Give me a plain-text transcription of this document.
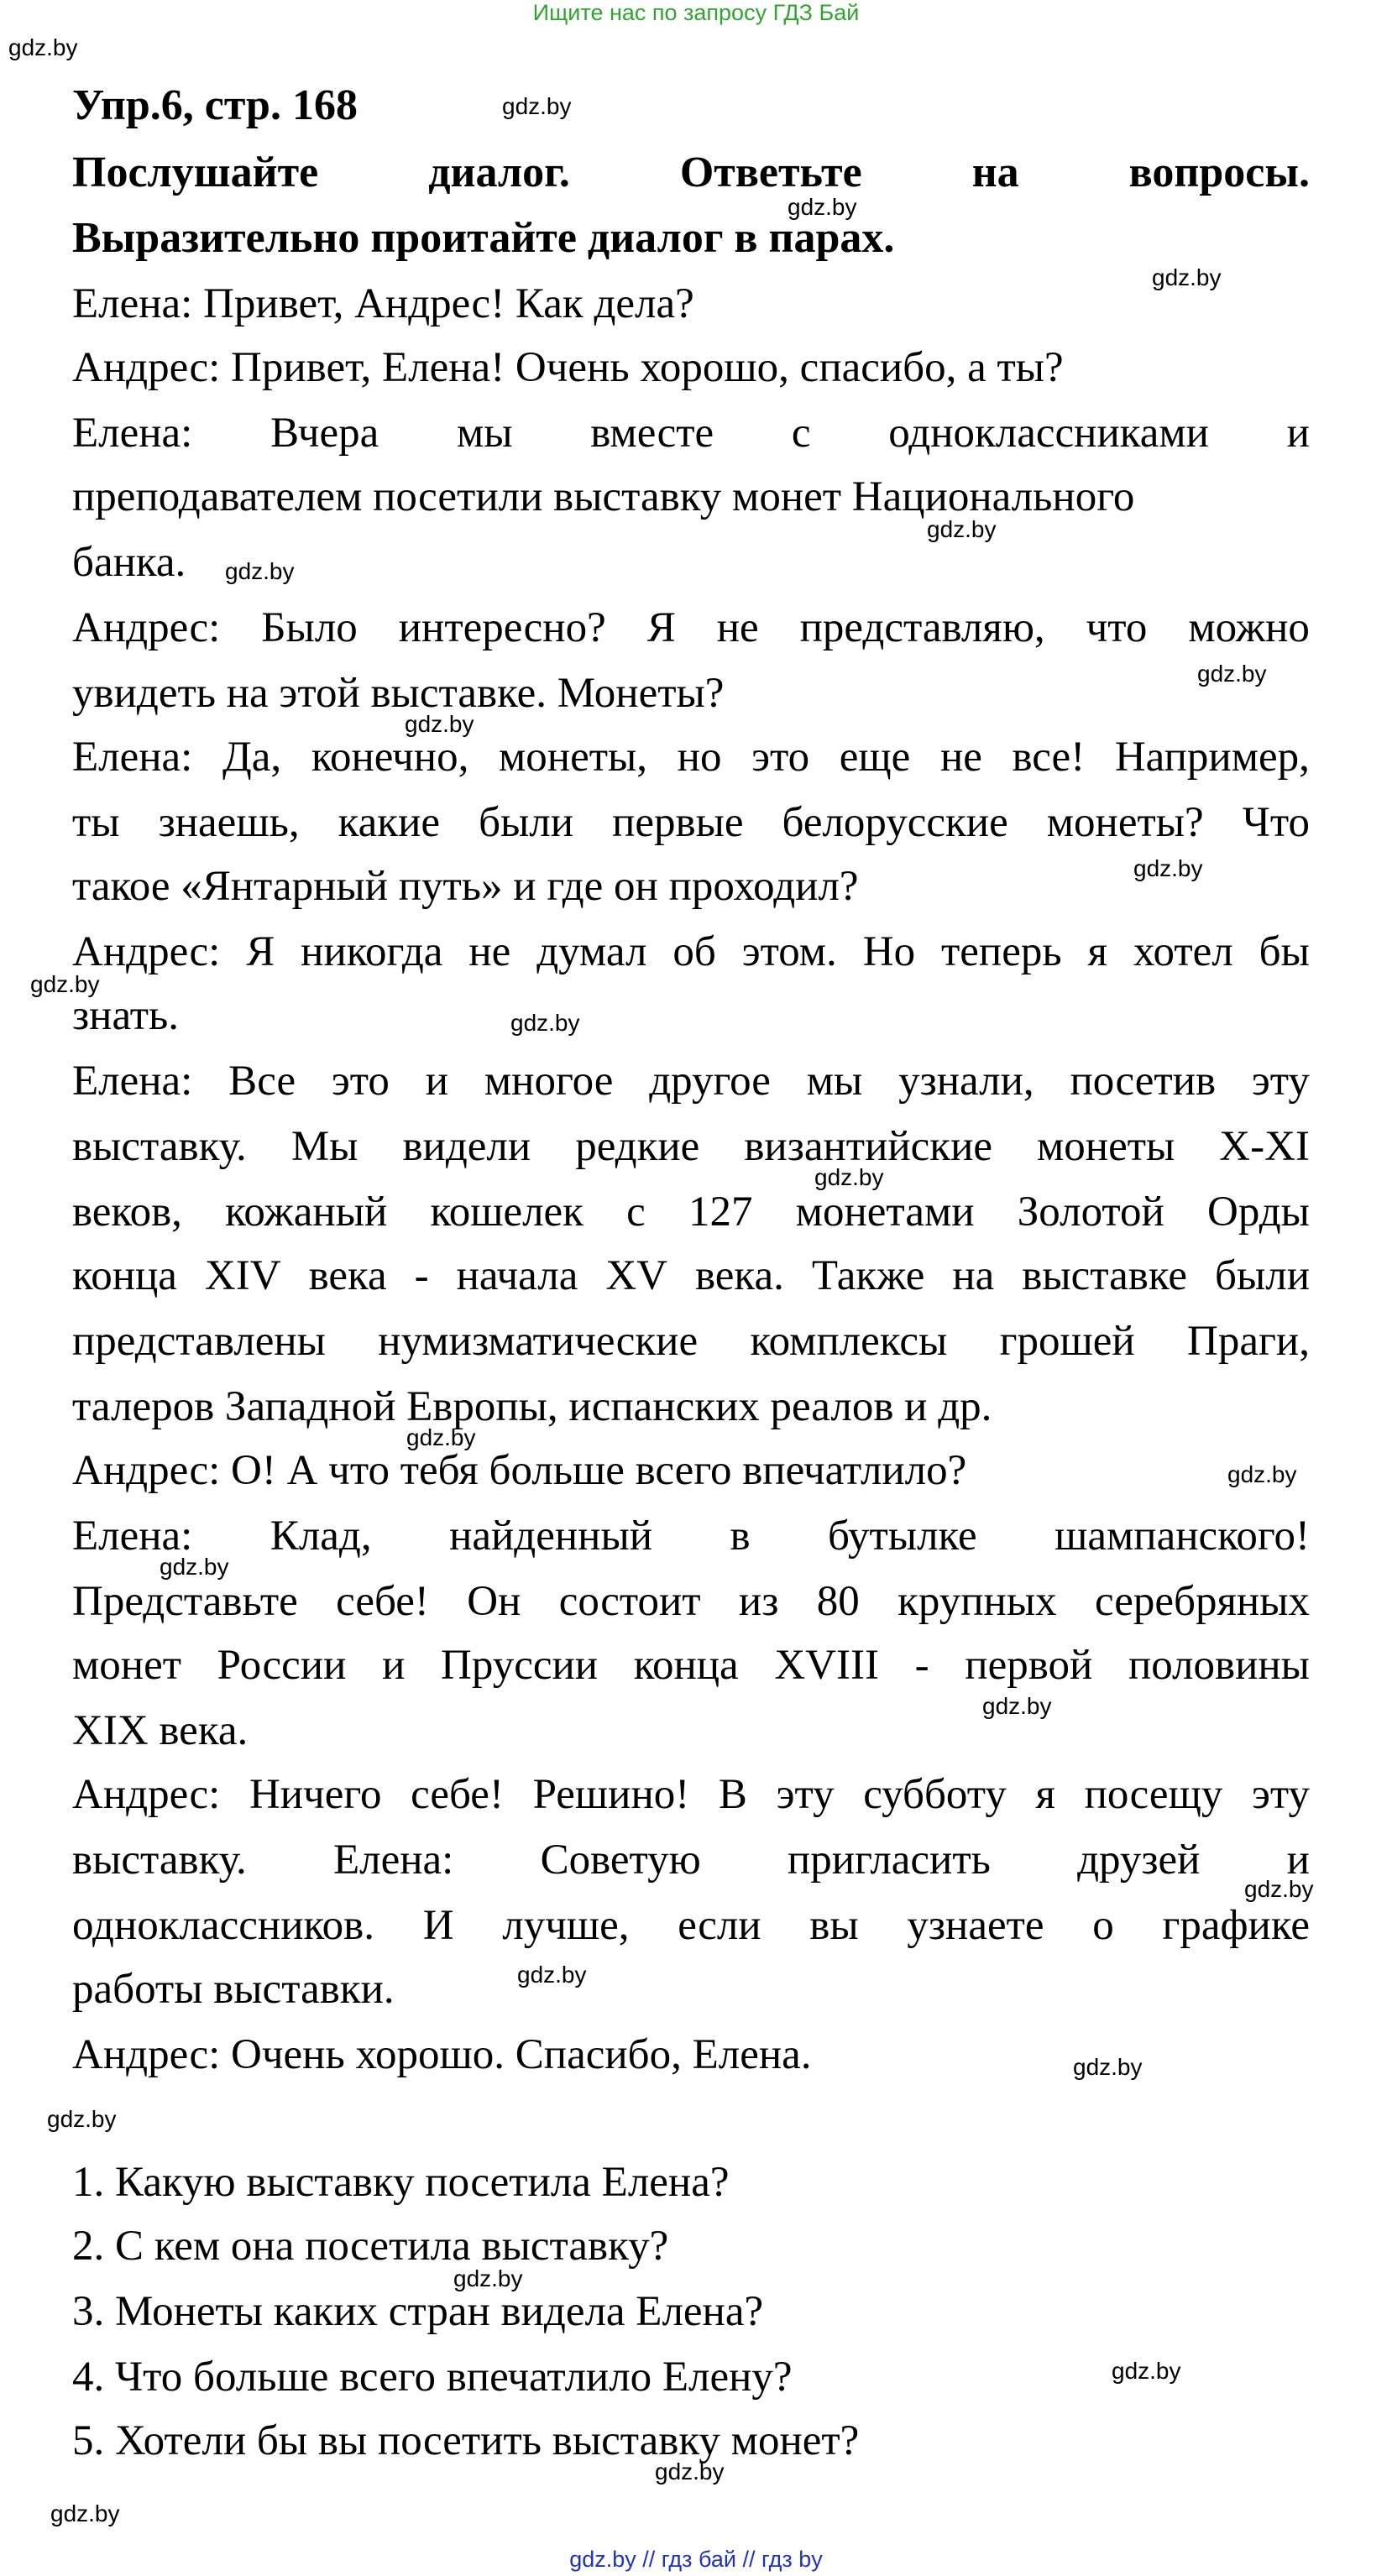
Ищите нас по запросу ГДЗ Бай
gdz.by
gdz.by
gdz.by
gdz.by
gdz.by
gdz.by
gdz.by
gdz.by
gdz.by
gdz.by
gdz.by
gdz.by
gdz.by
gdz.by
gdz.by
gdz.by
gdz.by
gdz.by
gdz.by
gdz.by
gdz.by
gdz.by
gdz.by
gdz.by
Упр.6, стр. 168
Послушайте	диалог.	Ответьте	на	вопросы.
Выразительно проитайте диалог в парах.
Елена: Привет, Андрес! Как дела?
Андрес: Привет, Елена! Очень хорошо, спасибо, а ты?
Елена: Вчера мы вместе с одноклассниками и
преподавателем посетили выставку монет Национального
банка.
Андрес: Было интересно? Я не представляю, что можно
увидеть на этой выставке. Монеты?
Елена: Да, конечно, монеты, но это еще не все! Например,
ты знаешь, какие были первые белорусские монеты? Что
такое «Янтарный путь» и где он проходил?
Андрес: Я никогда не думал об этом. Но теперь я хотел бы
знать.
Елена: Все это и многое другое мы узнали, посетив эту
выставку. Мы видели редкие византийские монеты X-XI
веков, кожаный кошелек с 127 монетами Золотой Орды
конца XIV века - начала XV века. Также на выставке были
представлены нумизматические комплексы грошей Праги,
талеров Западной Европы, испанских реалов и др.
Андрес: О! А что тебя больше всего впечатлило?
Елена: Клад, найденный в бутылке шампанского!
Представьте себе! Он состоит из 80 крупных серебряных
монет России и Пруссии конца XVIII - первой половины
XIX века.
Андрес: Ничего себе! Решино! В эту субботу я посещу эту
выставку. Елена: Советую пригласить друзей и
одноклассников. И лучше, если вы узнаете о графике
работы выставки.
Андрес: Очень хорошо. Спасибо, Елена.
1. Какую выставку посетила Елена?
2. С кем она посетила выставку?
3. Монеты каких стран видела Елена?
4. Что больше всего впечатлило Елену?
5. Хотели бы вы посетить выставку монет?
gdz.by // гдз бай // гдз by
